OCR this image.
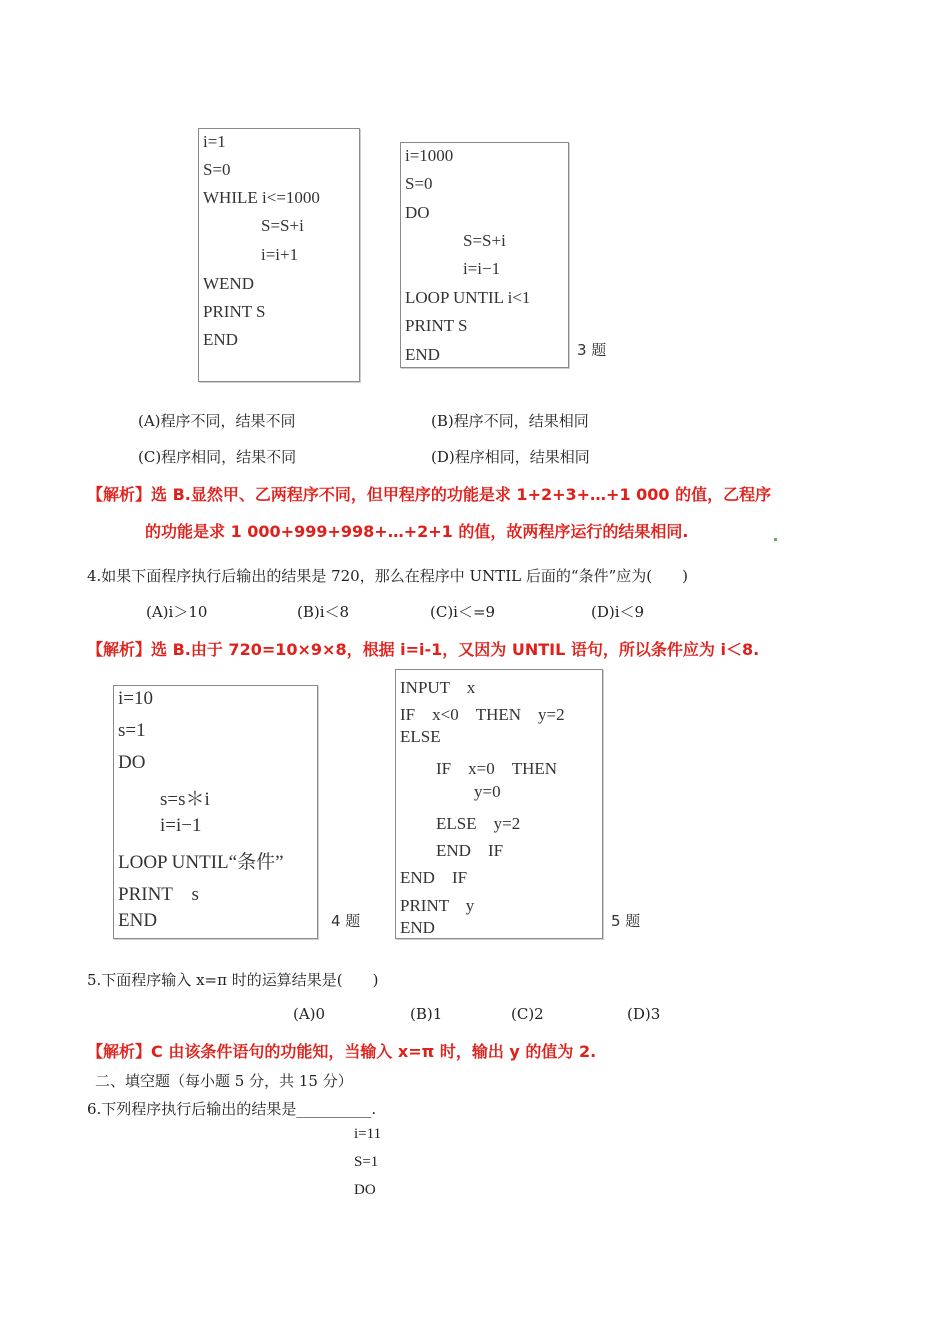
i=1
S=0
WHILE i<=1000
S=S+i
i=i+1
WEND
PRINT S
END
i=1000
S=0
DO
S=S+i
i=i−1
LOOP UNTIL i<1
PRINT S
END	3 题
(A)程序不同，结果不同	(B)程序不同，结果相同
(C)程序相同，结果不同	(D)程序相同，结果相同
【解析】选 B.显然甲、乙两程序不同，但甲程序的功能是求 1+2+3+…+1 000 的值，乙程序
的功能是求 1 000+999+998+…+2+1 的值，故两程序运行的结果相同.
4.如果下面程序执行后输出的结果是 720，那么在程序中 UNTIL 后面的“条件”应为(　　)
(A)i＞10	(B)i＜8	(C)i＜=9	(D)i＜9
【解析】选 B.由于 720=10×9×8，根据 i=i-1，又因为 UNTIL 语句，所以条件应为 i＜8.
i=10
s=1
DO
s=s＊i
i=i−1
LOOP UNTIL“条件”
PRINT　s
END	4 题
INPUT　x
IF　x<0　THEN　y=2
ELSE
IF　x=0　THEN
y=0
ELSE　y=2
END　IF
END　IF
PRINT　y
END	5 题
5.下面程序输入 x=π 时的运算结果是(　　)
(A)0	(B)1	(C)2	(D)3
【解析】C 由该条件语句的功能知，当输入 x=π 时，输出 y 的值为 2.
二、填空题（每小题 5 分，共 15 分）
6.下列程序执行后输出的结果是__________.
i=11
S=1
DO
